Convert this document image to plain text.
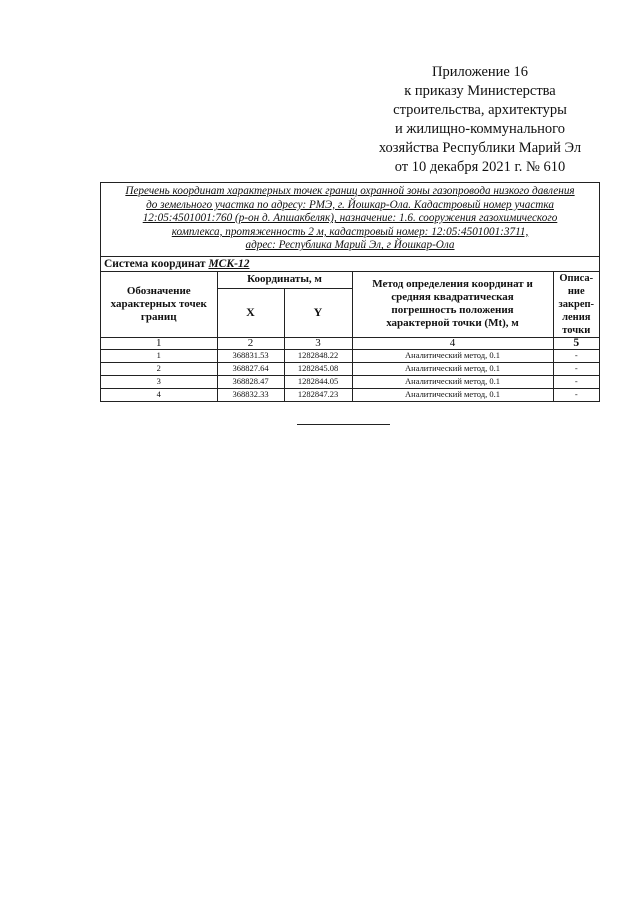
Приложение 16
к приказу Министерства
строительства, архитектуры
и жилищно-коммунального
хозяйства Республики Марий Эл
от 10 декабря 2021 г. № 610
Перечень координат характерных точек границ охранной зоны газопровода низкого давления
до земельного участка по адресу: РМЭ, г. Йошкар-Ола. Кадастровый номер участка
12:05:4501001:760 (р-он д. Апшакбеляк), назначение: 1.6. сооружения газохимического
комплекса, протяженность 2 м, кадастровый номер: 12:05:4501001:3711,
адрес: Республика Марий Эл, г Йошкар-Ола
Система координат МСК-12				
Обозначение характерных точек границ	Координаты, м		Метод определения координат и средняя квадратическая погрешность положения характерной точки (Mt), м	Описа-ние закреп-ления точки
	X	Y		
1	2	3	4	5
1	368831.53	1282848.22	Аналитический метод, 0.1	-
2	368827.64	1282845.08	Аналитический метод, 0.1	-
3	368828.47	1282844.05	Аналитический метод, 0.1	-
4	368832.33	1282847.23	Аналитический метод, 0.1	-
